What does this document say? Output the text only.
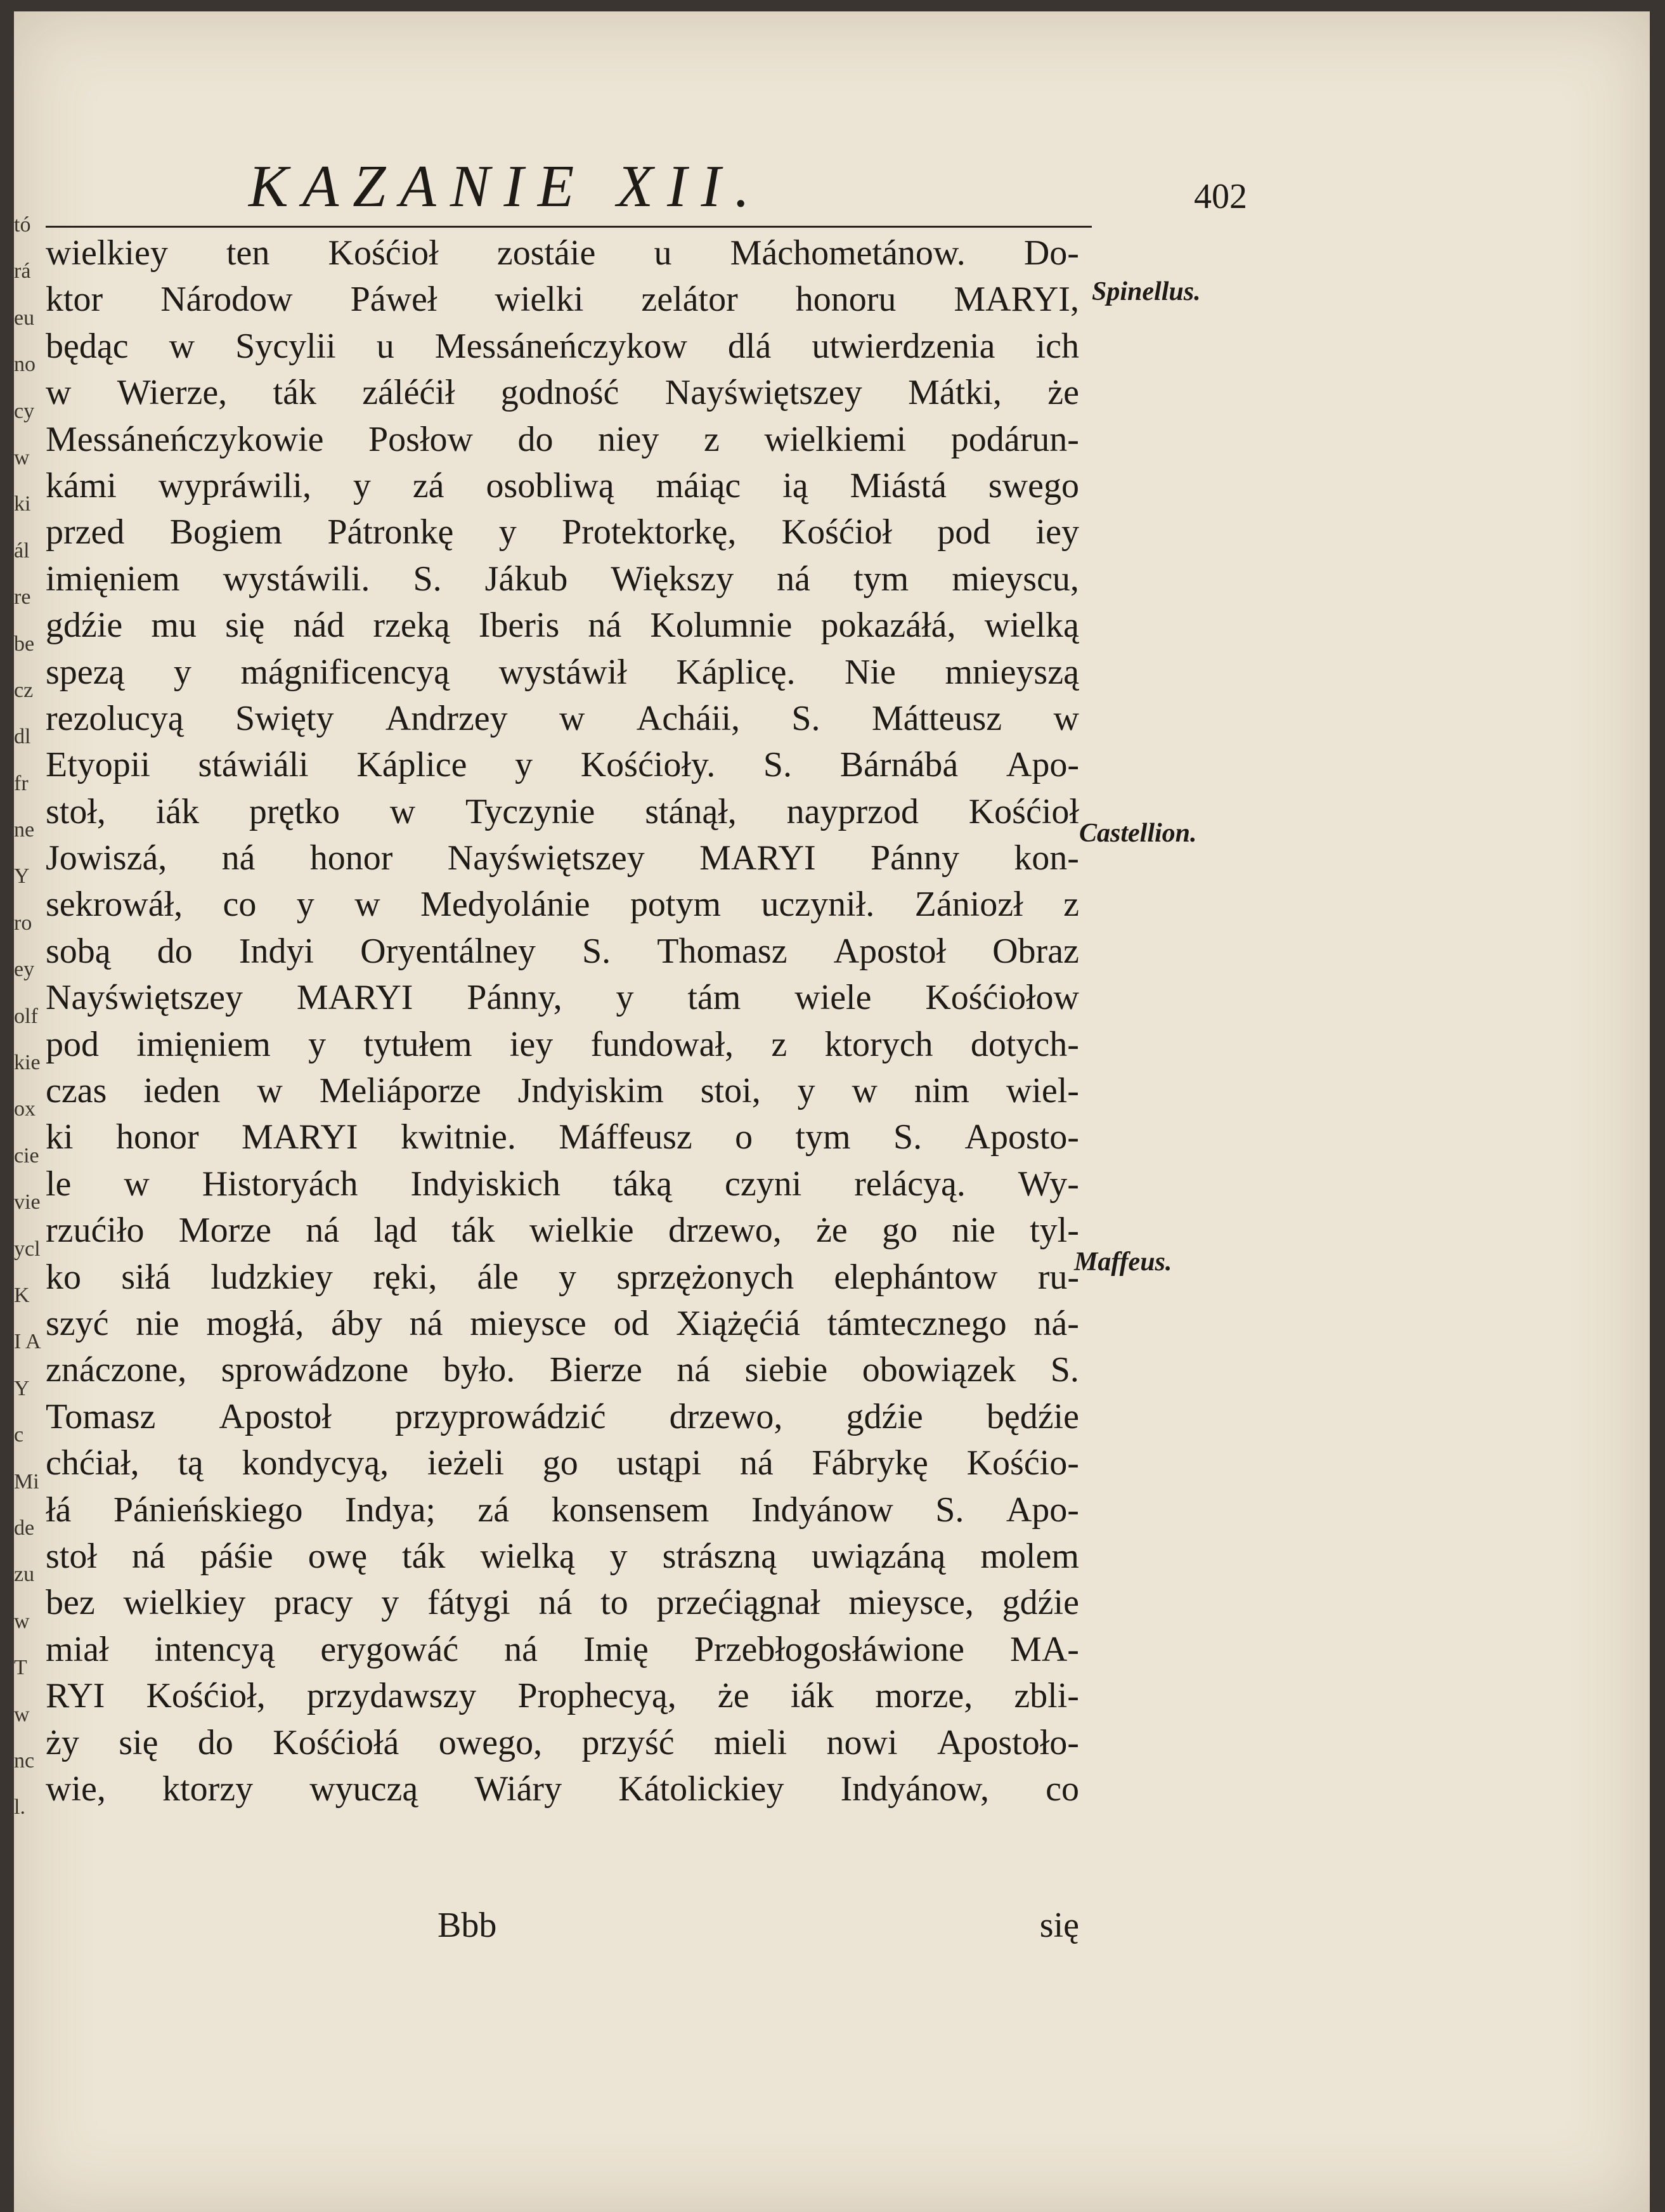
tó
rá
eu
no
cy
w
ki
ál
re
be
cz
dl
fr
ne
Y
ro
ey
olf
kie
ox
cie
vie
ycl
K
I A
Y
c
Mi
de
zu
w
T
w
nc
l.
KAZANIE XII.	402
wielkiey ten Kośćioł zostáie u Máchometánow. Do-
ktor Národow Páweł wielki zelátor honoru MARYI,
będąc w Sycylii u Messáneńczykow dlá utwierdzenia ich
w Wierze, ták záléćił godność Nayświętszey Mátki, że
Messáneńczykowie Posłow do niey z wielkiemi podárun-
kámi wypráwili, y zá osobliwą máiąc ią Miástá swego
przed Bogiem Pátronkę y Protektorkę, Kośćioł pod iey
imięniem wystáwili. S. Jákub Większy ná tym mieyscu,
gdźie mu się nád rzeką Iberis ná Kolumnie pokazáłá, wielką
spezą y mágnificencyą wystáwił Káplicę. Nie mnieyszą
rezolucyą Swięty Andrzey w Acháii, S. Mátteusz w
Etyopii stáwiáli Káplice y Kośćioły. S. Bárnábá Apo-
stoł, iák prętko w Tyczynie stánął, nayprzod Kośćioł
Jowiszá, ná honor Nayświętszey MARYI Pánny kon-
sekrowáł, co y w Medyolánie potym uczynił. Zániozł z
sobą do Indyi Oryentálney S. Thomasz Apostoł Obraz
Nayświętszey MARYI Pánny, y tám wiele Kośćiołow
pod imięniem y tytułem iey fundował, z ktorych dotych-
czas ieden w Meliáporze Jndyiskim stoi, y w nim wiel-
ki honor MARYI kwitnie. Máffeusz o tym S. Aposto-
le w Historyách Indyiskich táką czyni relácyą. Wy-
rzućiło Morze ná ląd ták wielkie drzewo, że go nie tyl-
ko siłá ludzkiey ręki, ále y sprzężonych elephántow ru-
szyć nie mogłá, áby ná mieysce od Xiążęćiá támtecznego ná-
znáczone, sprowádzone było. Bierze ná siebie obowiązek S.
Tomasz Apostoł przyprowádzić drzewo, gdźie będźie
chćiał, tą kondycyą, ieżeli go ustąpi ná Fábrykę Kośćio-
łá Pánieńskiego Indya; zá konsensem Indyánow S. Apo-
stoł ná páśie owę ták wielką y strászną uwiązáną molem
bez wielkiey pracy y fátygi ná to przećiągnał mieysce, gdźie
miał intencyą erygowáć ná Imię Przebłogosłáwione MA-
RYI Kośćioł, przydawszy Prophecyą, że iák morze, zbli-
ży się do Kośćiołá owego, przyść mieli nowi Apostoło-
wie, ktorzy wyuczą Wiáry Kátolickiey Indyánow, co
Bbb	się
Spinellus.
Castellion.
Maffeus.
